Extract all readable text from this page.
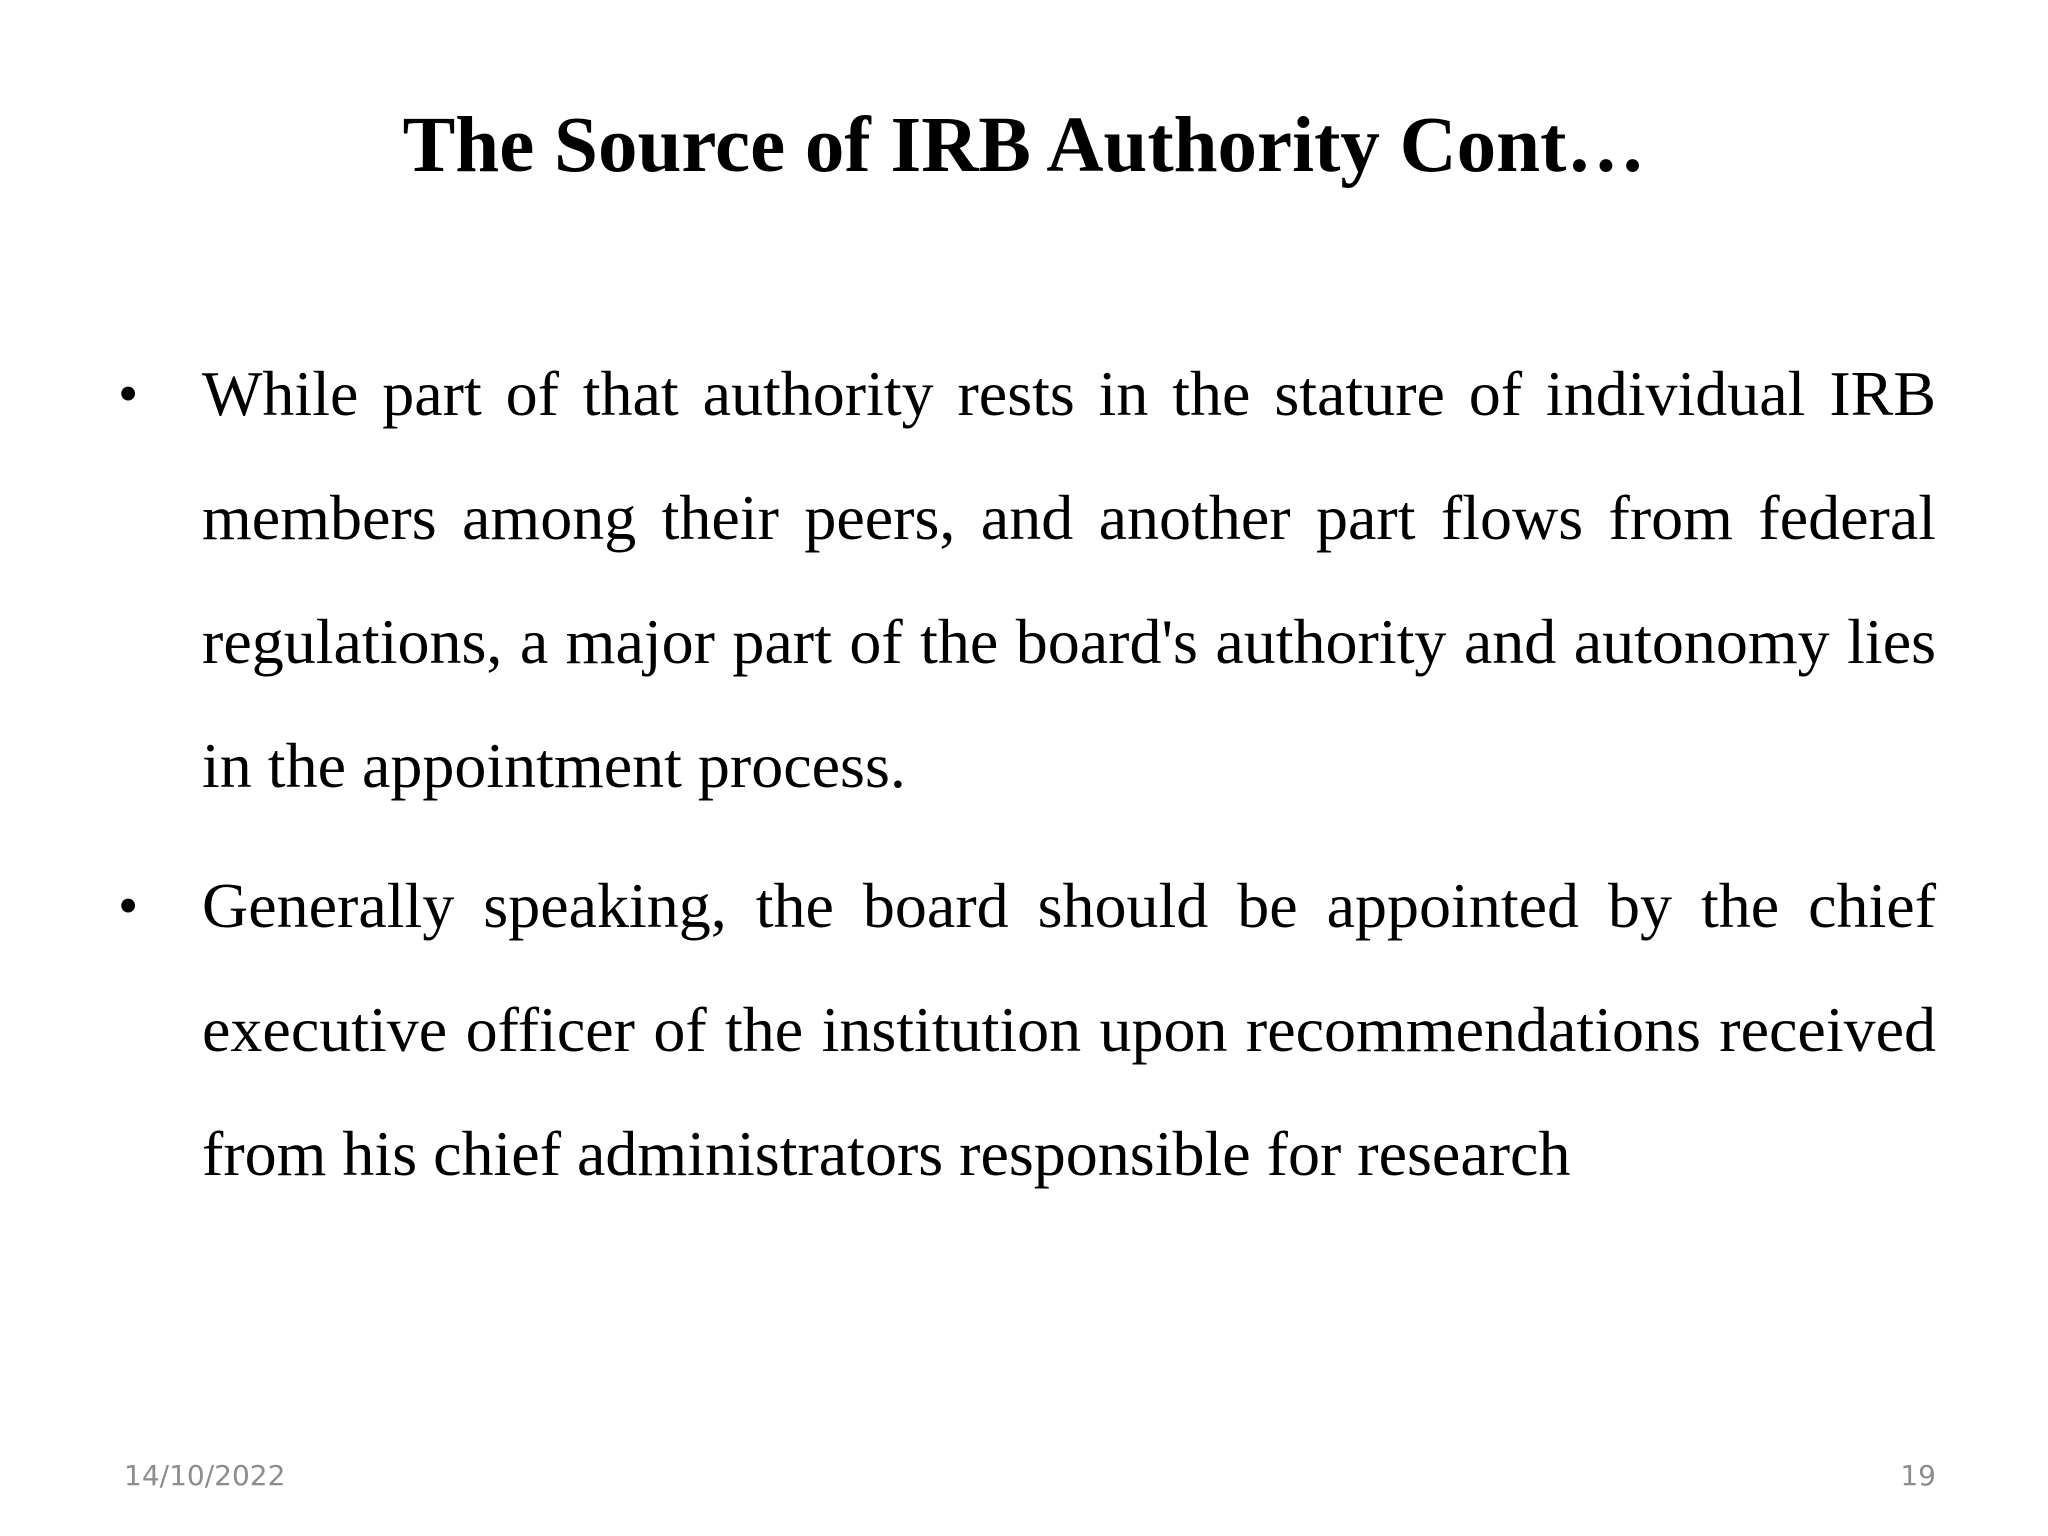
The Source of IRB Authority Cont…
• While part of that authority rests in the stature of individual IRB members among their peers, and another part flows from federal regulations, a major part of the board's authority and autonomy lies in the appointment process.
• Generally speaking, the board should be appointed by the chief executive officer of the institution upon recommendations received from his chief administrators responsible for research
14/10/2022	19
